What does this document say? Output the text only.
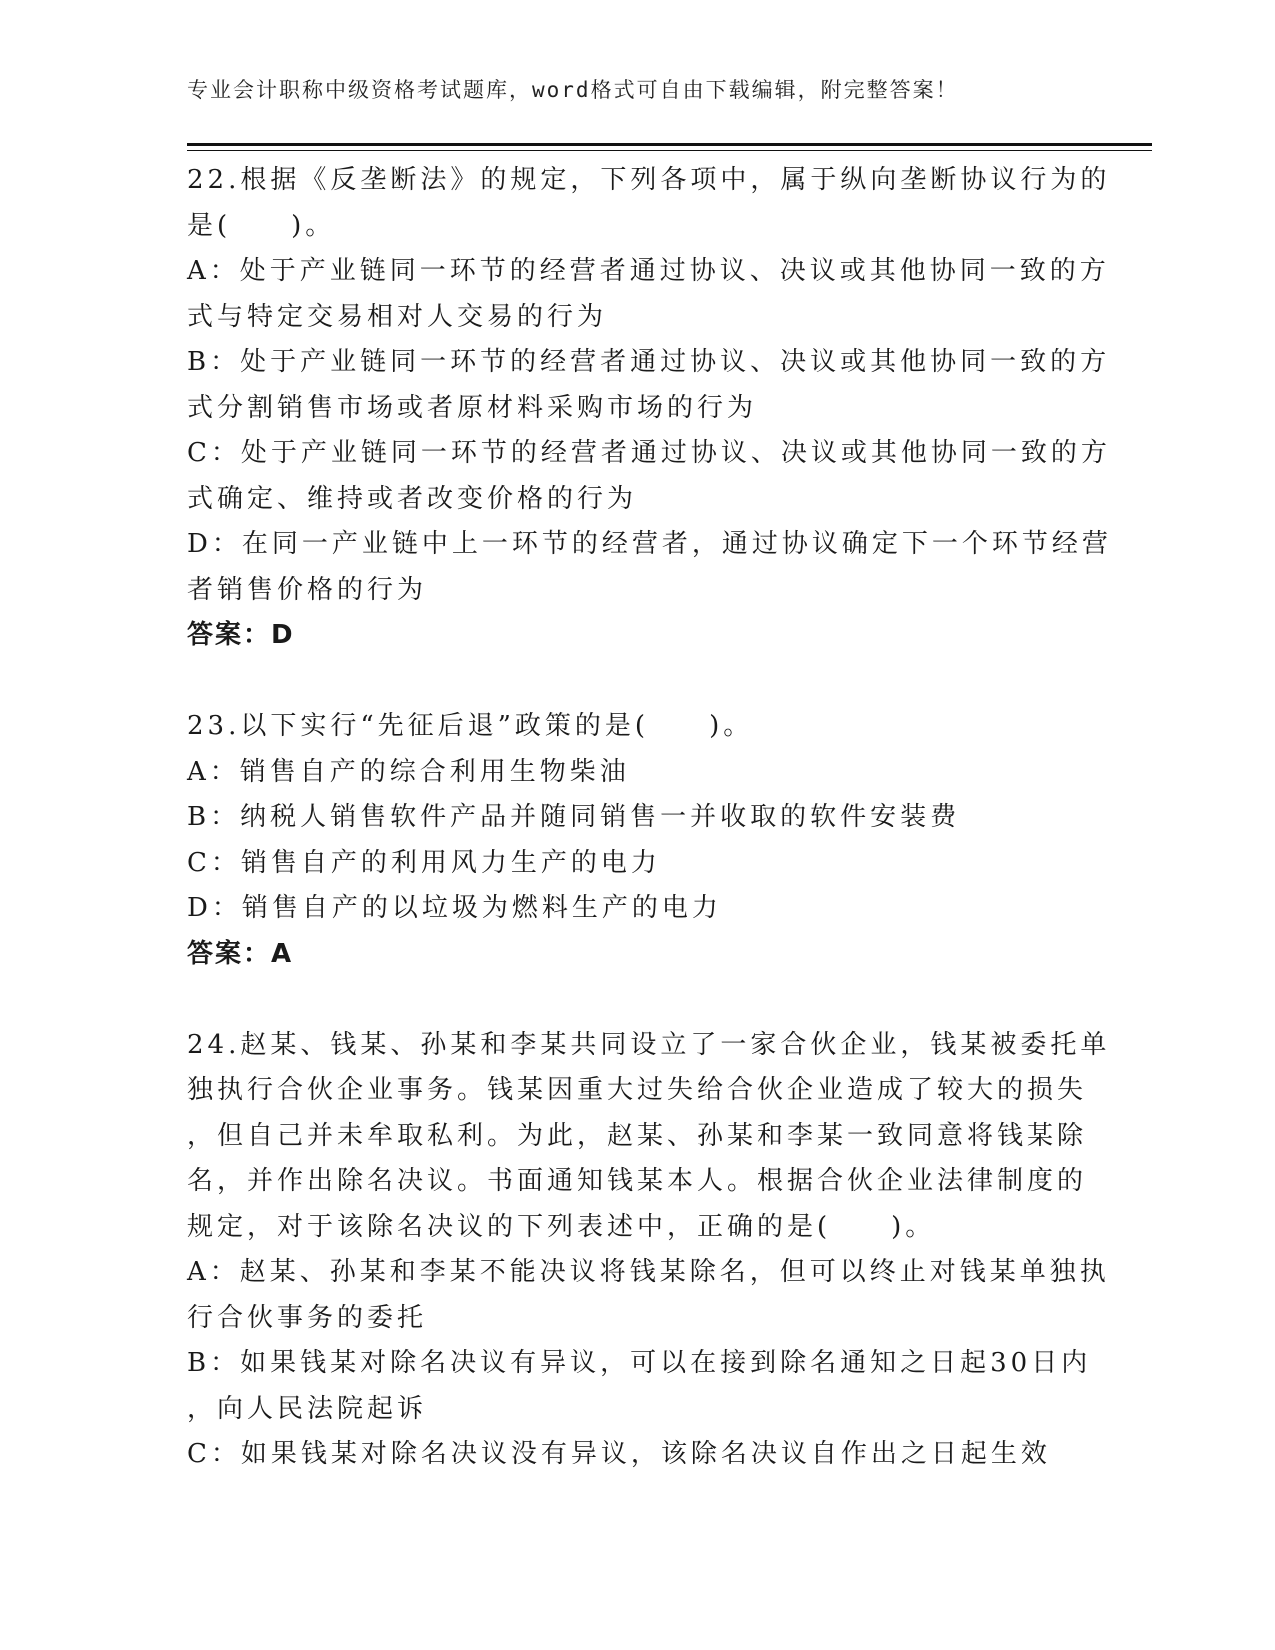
专业会计职称中级资格考试题库，word格式可自由下载编辑，附完整答案！
22.根据《反垄断法》的规定，下列各项中，属于纵向垄断协议行为的
是(　　)。
A：处于产业链同一环节的经营者通过协议、决议或其他协同一致的方
式与特定交易相对人交易的行为
B：处于产业链同一环节的经营者通过协议、决议或其他协同一致的方
式分割销售市场或者原材料采购市场的行为
C：处于产业链同一环节的经营者通过协议、决议或其他协同一致的方
式确定、维持或者改变价格的行为
D：在同一产业链中上一环节的经营者，通过协议确定下一个环节经营
者销售价格的行为
答案：D
23.以下实行“先征后退”政策的是(　　)。
A：销售自产的综合利用生物柴油
B：纳税人销售软件产品并随同销售一并收取的软件安装费
C：销售自产的利用风力生产的电力
D：销售自产的以垃圾为燃料生产的电力
答案：A
24.赵某、钱某、孙某和李某共同设立了一家合伙企业，钱某被委托单
独执行合伙企业事务。钱某因重大过失给合伙企业造成了较大的损失
，但自己并未牟取私利。为此，赵某、孙某和李某一致同意将钱某除
名，并作出除名决议。书面通知钱某本人。根据合伙企业法律制度的
规定，对于该除名决议的下列表述中，正确的是(　　)。
A：赵某、孙某和李某不能决议将钱某除名，但可以终止对钱某单独执
行合伙事务的委托
B：如果钱某对除名决议有异议，可以在接到除名通知之日起30日内
，向人民法院起诉
C：如果钱某对除名决议没有异议，该除名决议自作出之日起生效
